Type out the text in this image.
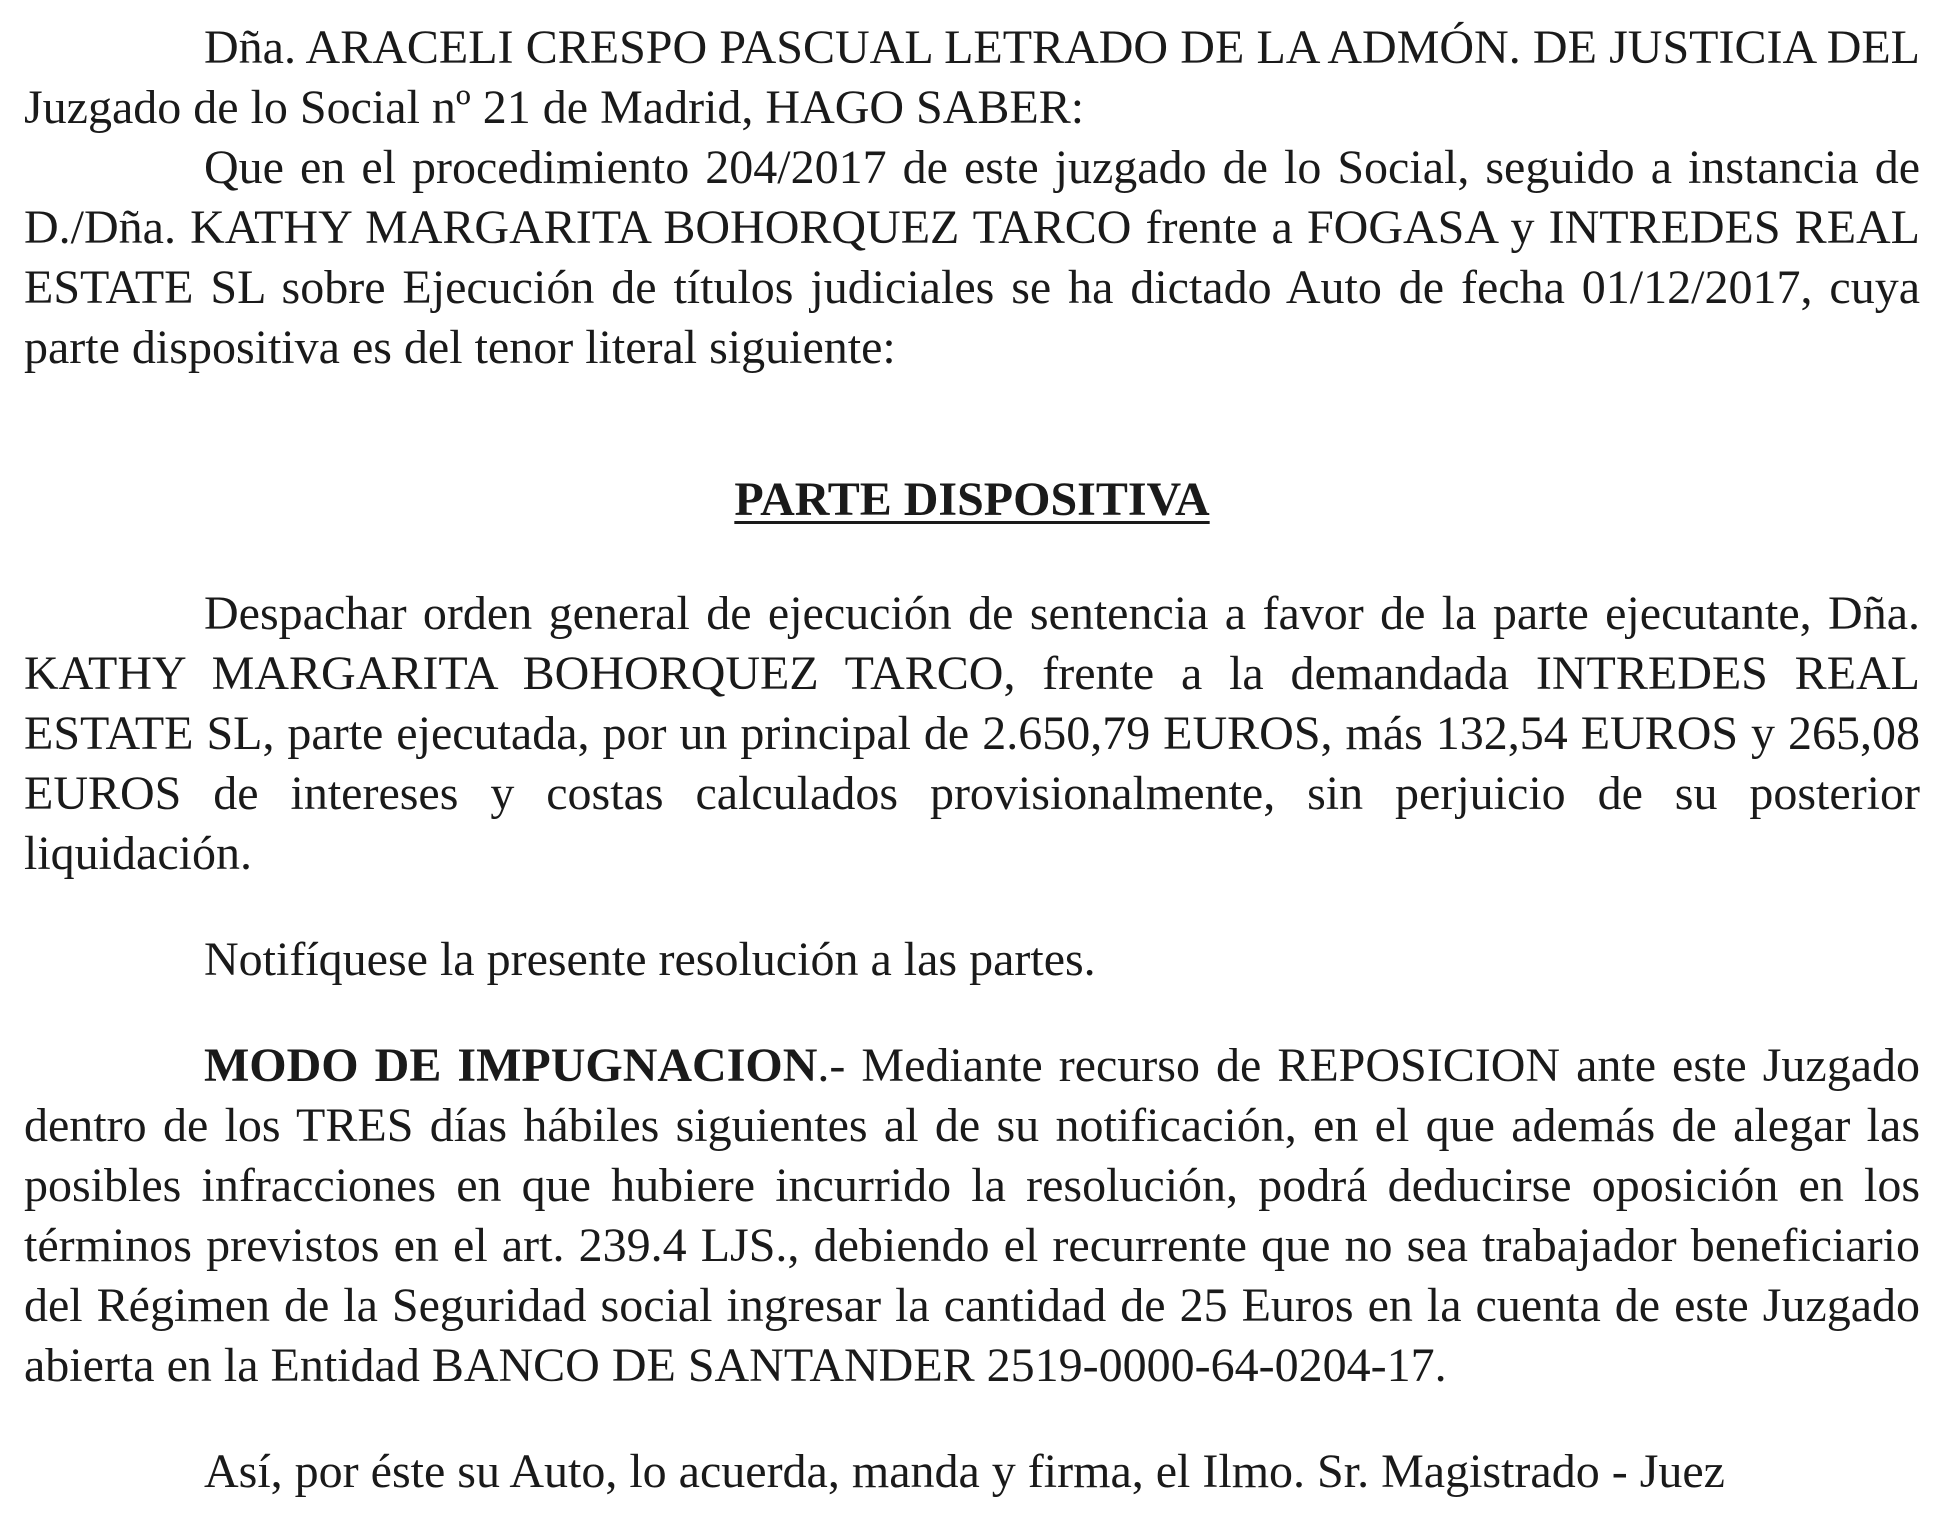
Dña. ARACELI CRESPO PASCUAL LETRADO DE LA ADMÓN. DE JUSTICIA DEL Juzgado de lo Social nº 21 de Madrid, HAGO SABER:

Que en el procedimiento 204/2017 de este juzgado de lo Social, seguido a instancia de D./Dña. KATHY MARGARITA BOHORQUEZ TARCO frente a FOGASA y INTREDES REAL ESTATE SL sobre Ejecución de títulos judiciales se ha dictado Auto de fecha 01/12/2017, cuya parte dispositiva es del tenor literal siguiente:

PARTE DISPOSITIVA

Despachar orden general de ejecución de sentencia a favor de la parte ejecutante, Dña. KATHY MARGARITA BOHORQUEZ TARCO, frente a la demandada INTREDES REAL ESTATE SL, parte ejecutada, por un principal de 2.650,79 EUROS, más 132,54 EUROS y 265,08 EUROS de intereses y costas calculados provisionalmente, sin perjuicio de su posterior liquidación.

Notifíquese la presente resolución a las partes.

MODO DE IMPUGNACION.- Mediante recurso de REPOSICION ante este Juzgado dentro de los TRES días hábiles siguientes al de su notificación, en el que además de alegar las posibles infracciones en que hubiere incurrido la resolución, podrá deducirse oposición en los términos previstos en el art. 239.4 LJS., debiendo el recurrente que no sea trabajador beneficiario del Régimen de la Seguridad social ingresar la cantidad de 25 Euros en la cuenta de este Juzgado abierta en la Entidad BANCO DE SANTANDER 2519-0000-64-0204-17.

Así, por éste su Auto, lo acuerda, manda y firma, el Ilmo. Sr. Magistrado - Juez
